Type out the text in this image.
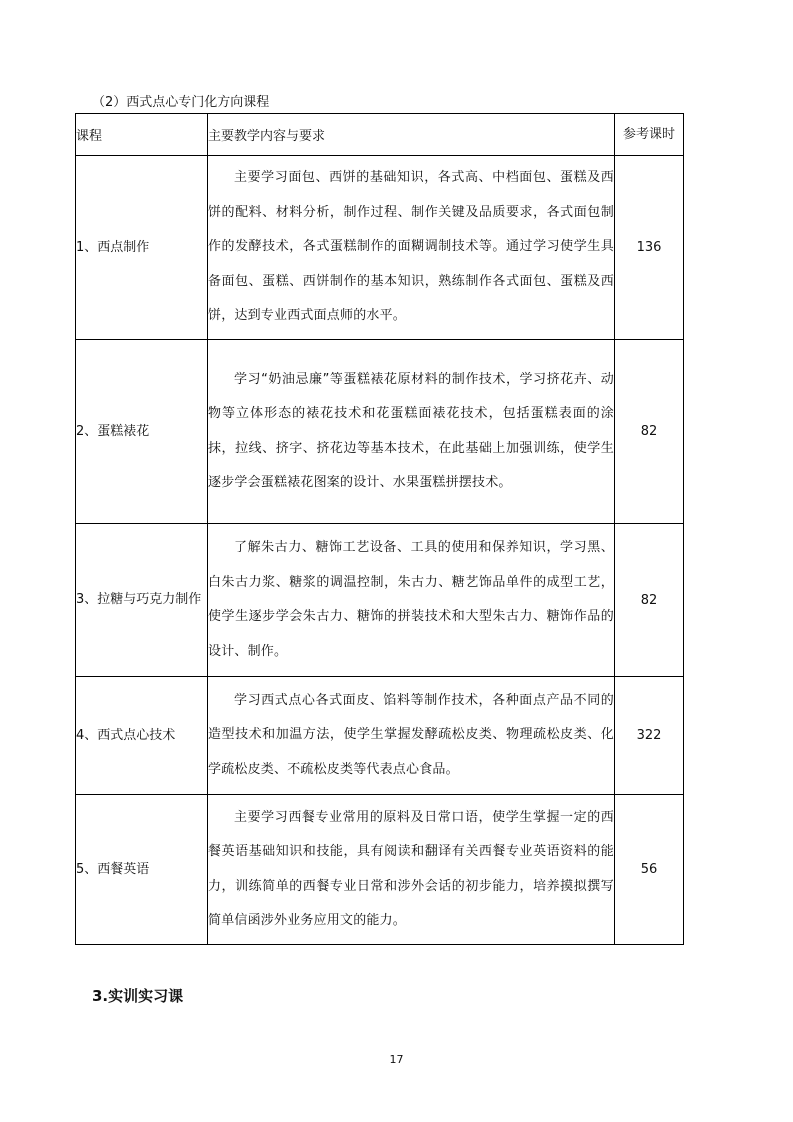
（2）西式点心专门化方向课程
课程	主要教学内容与要求	参考课时
1、西点制作	主要学习面包、西饼的基础知识，各式高、中档面包、蛋糕及西饼的配料、材料分析，制作过程、制作关键及品质要求，各式面包制作的发酵技术，各式蛋糕制作的面糊调制技术等。通过学习使学生具备面包、蛋糕、西饼制作的基本知识，熟练制作各式面包、蛋糕及西饼，达到专业西式面点师的水平。	136
2、蛋糕裱花	学习“奶油忌廉”等蛋糕裱花原材料的制作技术，学习挤花卉、动物等立体形态的裱花技术和花蛋糕面裱花技术，包括蛋糕表面的涂抹，拉线、挤字、挤花边等基本技术，在此基础上加强训练，使学生逐步学会蛋糕裱花图案的设计、水果蛋糕拼摆技术。	82
3、拉糖与巧克力制作	了解朱古力、糖饰工艺设备、工具的使用和保养知识，学习黑、白朱古力浆、糖浆的调温控制，朱古力、糖艺饰品单件的成型工艺，使学生逐步学会朱古力、糖饰的拼装技术和大型朱古力、糖饰作品的设计、制作。	82
4、西式点心技术	学习西式点心各式面皮、馅料等制作技术，各种面点产品不同的造型技术和加温方法，使学生掌握发酵疏松皮类、物理疏松皮类、化学疏松皮类、不疏松皮类等代表点心食品。	322
5、西餐英语	主要学习西餐专业常用的原料及日常口语，使学生掌握一定的西餐英语基础知识和技能，具有阅读和翻译有关西餐专业英语资料的能力，训练简单的西餐专业日常和涉外会话的初步能力，培养摸拟撰写简单信函涉外业务应用文的能力。	56
3.实训实习课
17
